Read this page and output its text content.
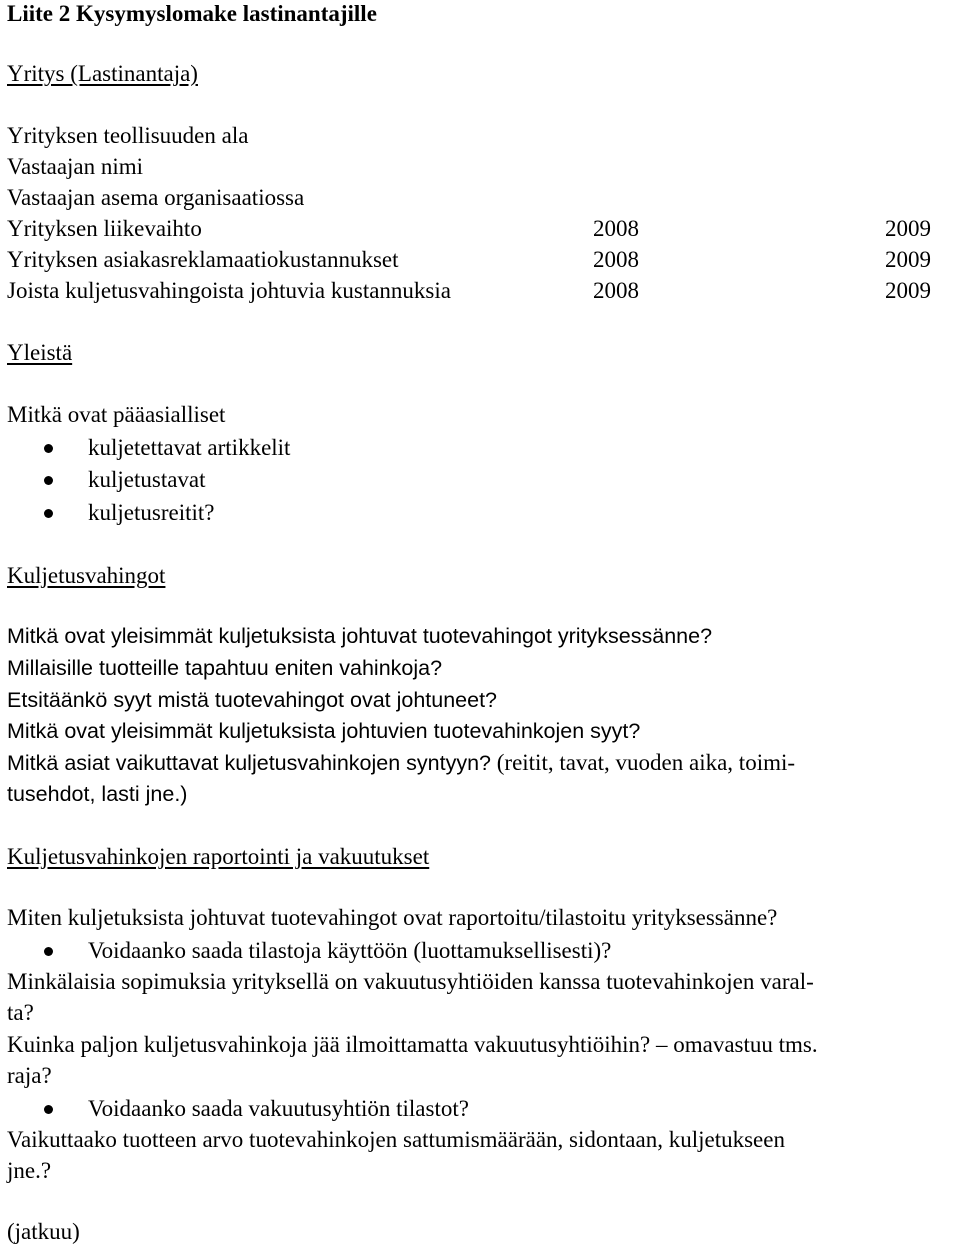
Liite 2 Kysymyslomake lastinantajille
Yritys (Lastinantaja)
Yrityksen teollisuuden ala
Vastaajan nimi
Vastaajan asema organisaatiossa
Yrityksen liikevaihto	2008	2009
Yrityksen asiakasreklamaatiokustannukset	2008	2009
Joista kuljetusvahingoista johtuvia kustannuksia	2008	2009
Yleistä
Mitkä ovat pääasialliset
kuljetettavat artikkelit
kuljetustavat
kuljetusreitit?
Kuljetusvahingot
Mitkä ovat yleisimmät kuljetuksista johtuvat tuotevahingot yrityksessänne?
Millaisille tuotteille tapahtuu eniten vahinkoja?
Etsitäänkö syyt mistä tuotevahingot ovat johtuneet?
Mitkä ovat yleisimmät kuljetuksista johtuvien tuotevahinkojen syyt?
Mitkä asiat vaikuttavat kuljetusvahinkojen syntyyn? (reitit, tavat, vuoden aika, toimi-
tusehdot, lasti jne.)
Kuljetusvahinkojen raportointi ja vakuutukset
Miten kuljetuksista johtuvat tuotevahingot ovat raportoitu/tilastoitu yrityksessänne?
Voidaanko saada tilastoja käyttöön (luottamuksellisesti)?
Minkälaisia sopimuksia yrityksellä on vakuutusyhtiöiden kanssa tuotevahinkojen varal-
ta?
Kuinka paljon kuljetusvahinkoja jää ilmoittamatta vakuutusyhtiöihin? – omavastuu tms.
raja?
Voidaanko saada vakuutusyhtiön tilastot?
Vaikuttaako tuotteen arvo tuotevahinkojen sattumismäärään, sidontaan, kuljetukseen
jne.?
(jatkuu)
